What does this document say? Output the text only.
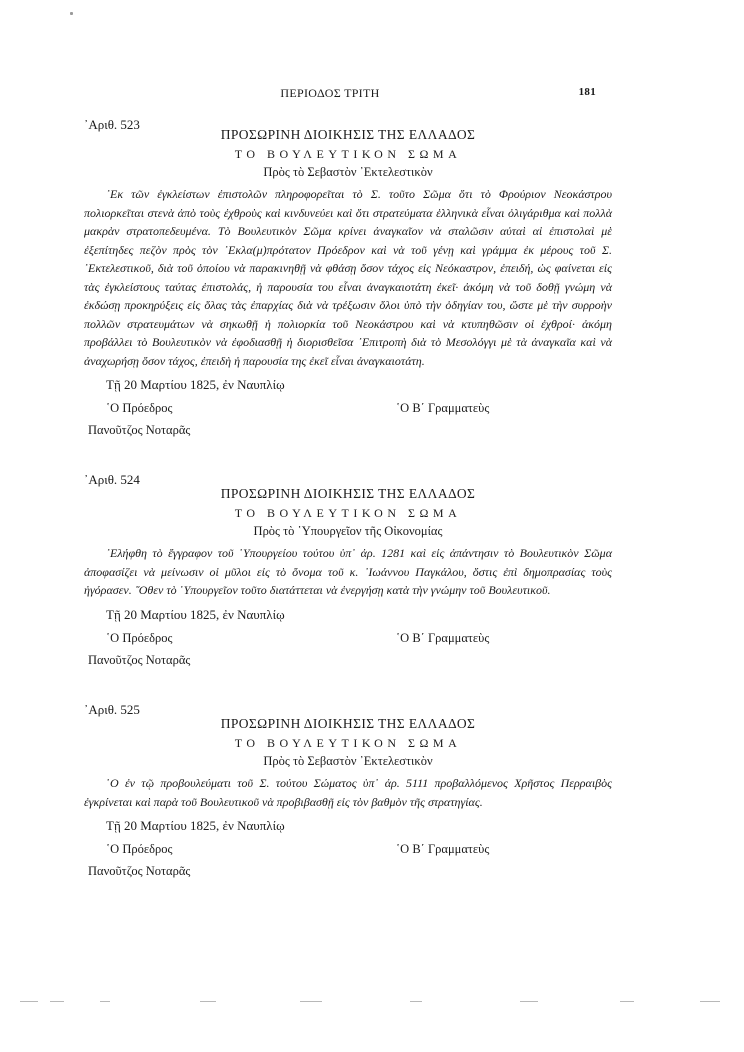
ΠΕΡΙΟΔΟΣ ΤΡΙΤΗ	181
᾿Αριθ. 523

ΠΡΟΣΩΡΙΝΗ ΔΙΟΙΚΗΣΙΣ ΤΗΣ ΕΛΛΑΔΟΣ

ΤΟ ΒΟΥΛΕΥΤΙΚΟΝ ΣΩΜΑ

Πρὸς τὸ Σεβαστὸν ᾿Εκτελεστικὸν

᾿Εκ τῶν ἐγκλείστων ἐπιστολῶν πληροφορεῖται τὸ Σ. τοῦτο Σῶμα ὅτι τὸ Φρούριον Νεοκάστρου πολιορκεῖται στενὰ ἀπὸ τοὺς ἐχθροὺς καὶ κινδυνεύει καὶ ὅτι στρατεύματα ἑλληνικὰ εἶναι ὀλιγάριθμα καὶ πολλὰ μακρὰν στρατοπεδευμένα. Τὸ Βουλευτικὸν Σῶμα κρίνει ἀναγκαῖον νὰ σταλῶσιν αὐταὶ αἱ ἐπιστολαὶ μὲ ἐξεπίτηδες πεζὸν πρὸς τὸν ᾿Εκλα(μ)πρότατον Πρόεδρον καὶ νὰ τοῦ γένῃ καὶ γράμμα ἐκ μέρους τοῦ Σ. ᾿Εκτελεστικοῦ, διὰ τοῦ ὁποίου νὰ παρακινηθῇ νὰ φθάσῃ ὅσον τάχος εἰς Νεόκαστρον, ἐπειδή, ὡς φαίνεται εἰς τὰς ἐγκλείστους ταύτας ἐπιστολάς, ἡ παρουσία του εἶναι ἀναγκαιοτάτη ἐκεῖ· ἀκόμη νὰ τοῦ δοθῇ γνώμη νὰ ἐκδώσῃ προκηρύξεις εἰς ὅλας τὰς ἐπαρχίας διὰ νὰ τρέξωσιν ὅλοι ὑπὸ τὴν ὁδηγίαν του, ὥστε μὲ τὴν συρροὴν πολλῶν στρατευμάτων νὰ σηκωθῇ ἡ πολιορκία τοῦ Νεοκάστρου καὶ νὰ κτυπηθῶσιν οἱ ἐχθροί· ἀκόμη προβάλλει τὸ Βουλευτικὸν νὰ ἐφοδιασθῇ ἡ διορισθεῖσα ᾿Επιτροπὴ διὰ τὸ Μεσολόγγι μὲ τὰ ἀναγκαῖα καὶ νὰ ἀναχωρήσῃ ὅσον τάχος, ἐπειδὴ ἡ παρουσία της ἐκεῖ εἶναι ἀναγκαιοτάτη.

Τῇ 20 Μαρτίου 1825, ἐν Ναυπλίῳ

῾Ο Πρόεδρος	῾Ο Β΄ Γραμματεὺς

Πανοῦτζος Νοταρᾶς

᾿Αριθ. 524

ΠΡΟΣΩΡΙΝΗ ΔΙΟΙΚΗΣΙΣ ΤΗΣ ΕΛΛΑΔΟΣ

ΤΟ ΒΟΥΛΕΥΤΙΚΟΝ ΣΩΜΑ

Πρὸς τὸ ῾Υπουργεῖον τῆς Οἰκονομίας

᾿Ελήφθη τὸ ἔγγραφον τοῦ ῾Υπουργείου τούτου ὑπ᾿ ἀρ. 1281 καὶ εἰς ἀπάντησιν τὸ Βουλευτικὸν Σῶμα ἀποφασίζει νὰ μείνωσιν οἱ μῦλοι εἰς τὸ ὄνομα τοῦ κ. ᾿Ιωάννου Παγκάλου, ὅστις ἐπὶ δημοπρασίας τοὺς ἠγόρασεν. ῞Οθεν τὸ ῾Υπουργεῖον τοῦτο διατάττεται νὰ ἐνεργήσῃ κατὰ τὴν γνώμην τοῦ Βουλευτικοῦ.

Τῇ 20 Μαρτίου 1825, ἐν Ναυπλίῳ

῾Ο Πρόεδρος	῾Ο Β΄ Γραμματεὺς

Πανοῦτζος Νοταρᾶς

᾿Αριθ. 525

ΠΡΟΣΩΡΙΝΗ ΔΙΟΙΚΗΣΙΣ ΤΗΣ ΕΛΛΑΔΟΣ

ΤΟ ΒΟΥΛΕΥΤΙΚΟΝ ΣΩΜΑ

Πρὸς τὸ Σεβαστὸν ᾿Εκτελεστικὸν

῾Ο ἐν τῷ προβουλεύματι τοῦ Σ. τούτου Σώματος ὑπ᾿ ἀρ. 5111 προβαλλόμενος Χρῆστος Περραιβὸς ἐγκρίνεται καὶ παρὰ τοῦ Βουλευτικοῦ νὰ προβιβασθῇ εἰς τὸν βαθμὸν τῆς στρατηγίας.

Τῇ 20 Μαρτίου 1825, ἐν Ναυπλίῳ

῾Ο Πρόεδρος	῾Ο Β΄ Γραμματεὺς

Πανοῦτζος Νοταρᾶς
